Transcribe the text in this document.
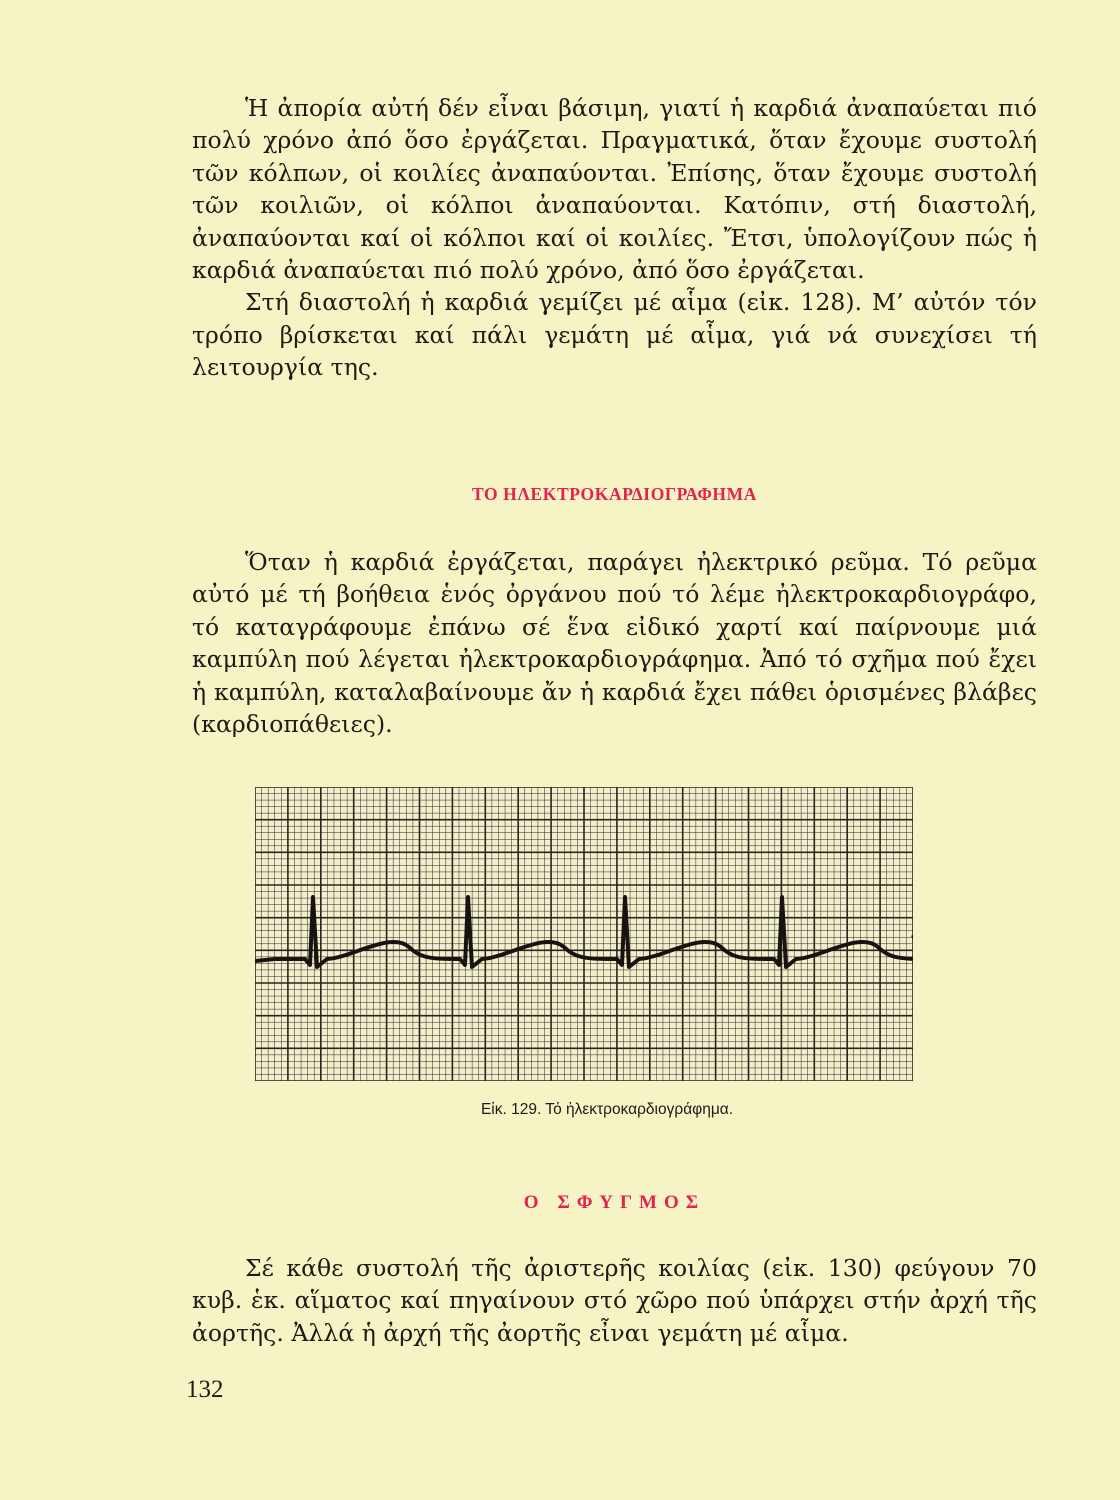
Ἡ ἀπορία αὐτή δέν εἶναι βάσιμη, γιατί ἡ καρδιά ἀναπαύεται πιό πολύ χρόνο ἀπό ὅσο ἐργάζεται. Πραγματικά, ὅταν ἔχουμε συστολή τῶν κόλπων, οἱ κοιλίες ἀναπαύονται. Ἐπίσης, ὅταν ἔχουμε συστολή τῶν κοιλιῶν, οἱ κόλποι ἀναπαύονται. Κατόπιν, στή διαστολή, ἀναπαύονται καί οἱ κόλποι καί οἱ κοιλίες. Ἔτσι, ὑπολογίζουν πώς ἡ καρδιά ἀναπαύεται πιό πολύ χρόνο, ἀπό ὅσο ἐργάζεται.

Στή διαστολή ἡ καρδιά γεμίζει μέ αἷμα (εἰκ. 128). Μ’ αὐτόν τόν τρόπο βρίσκεται καί πάλι γεμάτη μέ αἷμα, γιά νά συνεχίσει τή λειτουργία της.

ΤΟ ΗΛΕΚΤΡΟΚΑΡΔΙΟΓΡΑΦΗΜΑ

Ὅταν ἡ καρδιά ἐργάζεται, παράγει ἠλεκτρικό ρεῦμα. Τό ρεῦμα αὐτό μέ τή βοήθεια ἑνός ὀργάνου πού τό λέμε ἠλεκτροκαρδιογράφο, τό καταγράφουμε ἐπάνω σέ ἕνα εἰδικό χαρτί καί παίρνουμε μιά καμπύλη πού λέγεται ἠλεκτροκαρδιογράφημα. Ἀπό τό σχῆμα πού ἔχει ἡ καμπύλη, καταλαβαίνουμε ἄν ἡ καρδιά ἔχει πάθει ὁρισμένες βλάβες (καρδιοπάθειες).

Εἰκ. 129. Τό ἠλεκτροκαρδιογράφημα.
Ο ΣΦΥΓΜΟΣ

Σέ κάθε συστολή τῆς ἀριστερῆς κοιλίας (εἰκ. 130) φεύγουν 70 κυβ. ἑκ. αἵματος καί πηγαίνουν στό χῶρο πού ὑπάρχει στήν ἀρχή τῆς ἀορτῆς. Ἀλλά ἡ ἀρχή τῆς ἀορτῆς εἶναι γεμάτη μέ αἷμα.

132
